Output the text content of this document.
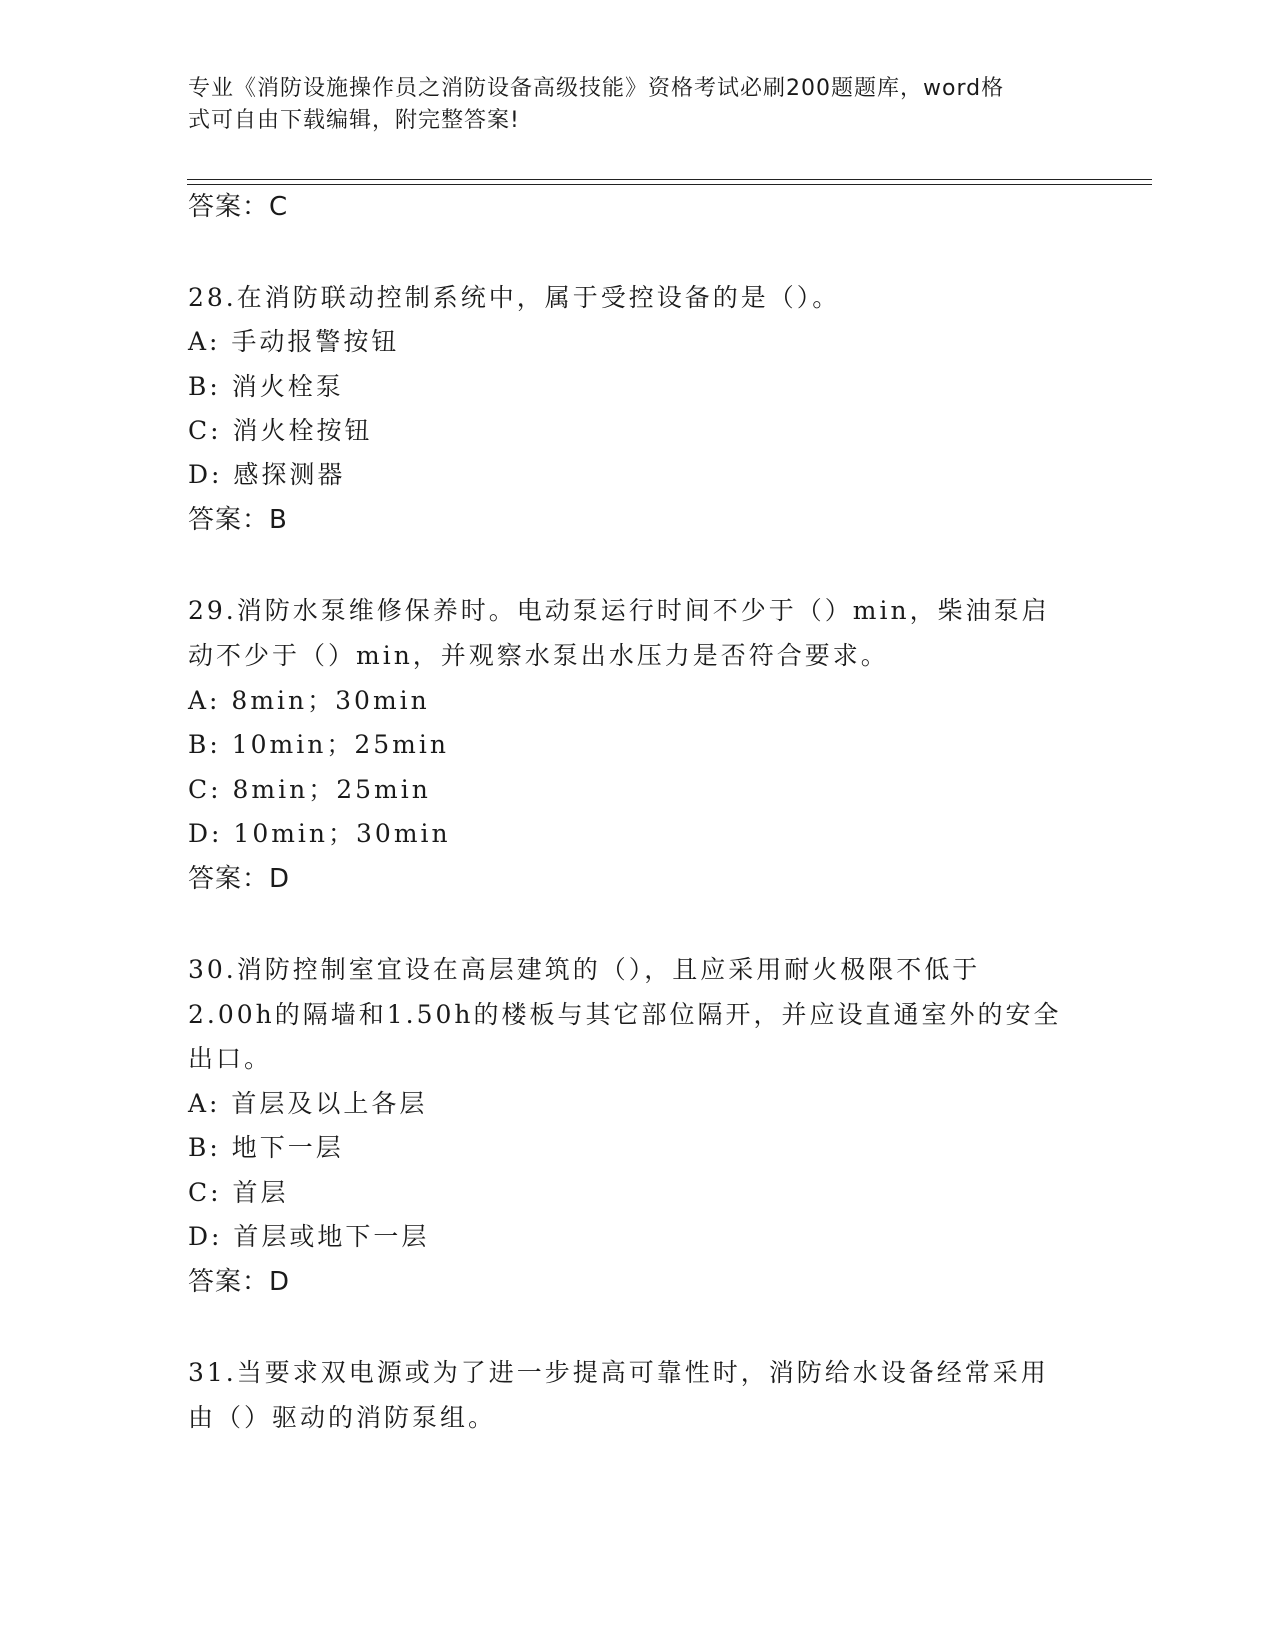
专业《消防设施操作员之消防设备高级技能》资格考试必刷200题题库，word格
式可自由下载编辑，附完整答案!
答案：C
28.在消防联动控制系统中，属于受控设备的是（）。
A: 手动报警按钮
B: 消火栓泵
C: 消火栓按钮
D: 感探测器
答案：B
29.消防水泵维修保养时。电动泵运行时间不少于（）min，柴油泵启
动不少于（）min，并观察水泵出水压力是否符合要求。
A: 8min；30min
B: 10min；25min
C: 8min；25min
D: 10min；30min
答案：D
30.消防控制室宜设在高层建筑的（），且应采用耐火极限不低于
2.00h的隔墙和1.50h的楼板与其它部位隔开，并应设直通室外的安全
出口。
A: 首层及以上各层
B: 地下一层
C: 首层
D: 首层或地下一层
答案：D
31.当要求双电源或为了进一步提高可靠性时，消防给水设备经常采用
由（）驱动的消防泵组。
